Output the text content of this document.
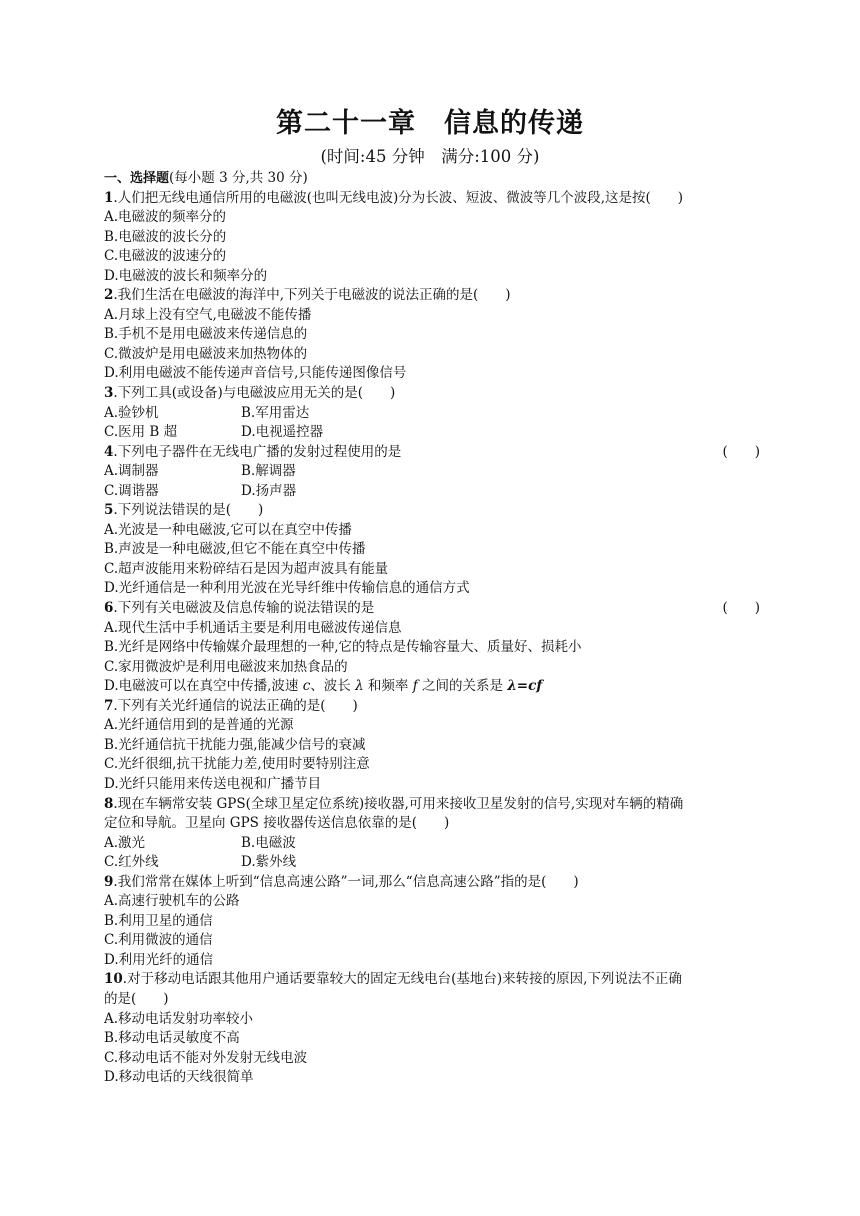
第二十一章　信息的传递
(时间:45 分钟　满分:100 分)
一、选择题(每小题 3 分,共 30 分)
1.人们把无线电通信所用的电磁波(也叫无线电波)分为长波、短波、微波等几个波段,这是按(　　)
A.电磁波的频率分的
B.电磁波的波长分的
C.电磁波的波速分的
D.电磁波的波长和频率分的
2.我们生活在电磁波的海洋中,下列关于电磁波的说法正确的是(　　)
A.月球上没有空气,电磁波不能传播
B.手机不是用电磁波来传递信息的
C.微波炉是用电磁波来加热物体的
D.利用电磁波不能传递声音信号,只能传递图像信号
3.下列工具(或设备)与电磁波应用无关的是(　　)
A.验钞机	B.军用雷达
C.医用 B 超	D.电视遥控器
4.下列电子器件在无线电广播的发射过程使用的是	(　　)
A.调制器	B.解调器
C.调谐器	D.扬声器
5.下列说法错误的是(　　)
A.光波是一种电磁波,它可以在真空中传播
B.声波是一种电磁波,但它不能在真空中传播
C.超声波能用来粉碎结石是因为超声波具有能量
D.光纤通信是一种利用光波在光导纤维中传输信息的通信方式
6.下列有关电磁波及信息传输的说法错误的是	(　　)
A.现代生活中手机通话主要是利用电磁波传递信息
B.光纤是网络中传输媒介最理想的一种,它的特点是传输容量大、质量好、损耗小
C.家用微波炉是利用电磁波来加热食品的
D.电磁波可以在真空中传播,波速 c、波长 λ 和频率 f 之间的关系是 λ=cf
7.下列有关光纤通信的说法正确的是(　　)
A.光纤通信用到的是普通的光源
B.光纤通信抗干扰能力强,能减少信号的衰减
C.光纤很细,抗干扰能力差,使用时要特别注意
D.光纤只能用来传送电视和广播节目
8.现在车辆常安装 GPS(全球卫星定位系统)接收器,可用来接收卫星发射的信号,实现对车辆的精确
定位和导航。卫星向 GPS 接收器传送信息依靠的是(　　)
A.激光	B.电磁波
C.红外线	D.紫外线
9.我们常常在媒体上听到“信息高速公路”一词,那么“信息高速公路”指的是(　　)
A.高速行驶机车的公路
B.利用卫星的通信
C.利用微波的通信
D.利用光纤的通信
10.对于移动电话跟其他用户通话要靠较大的固定无线电台(基地台)来转接的原因,下列说法不正确
的是(　　)
A.移动电话发射功率较小
B.移动电话灵敏度不高
C.移动电话不能对外发射无线电波
D.移动电话的天线很简单
